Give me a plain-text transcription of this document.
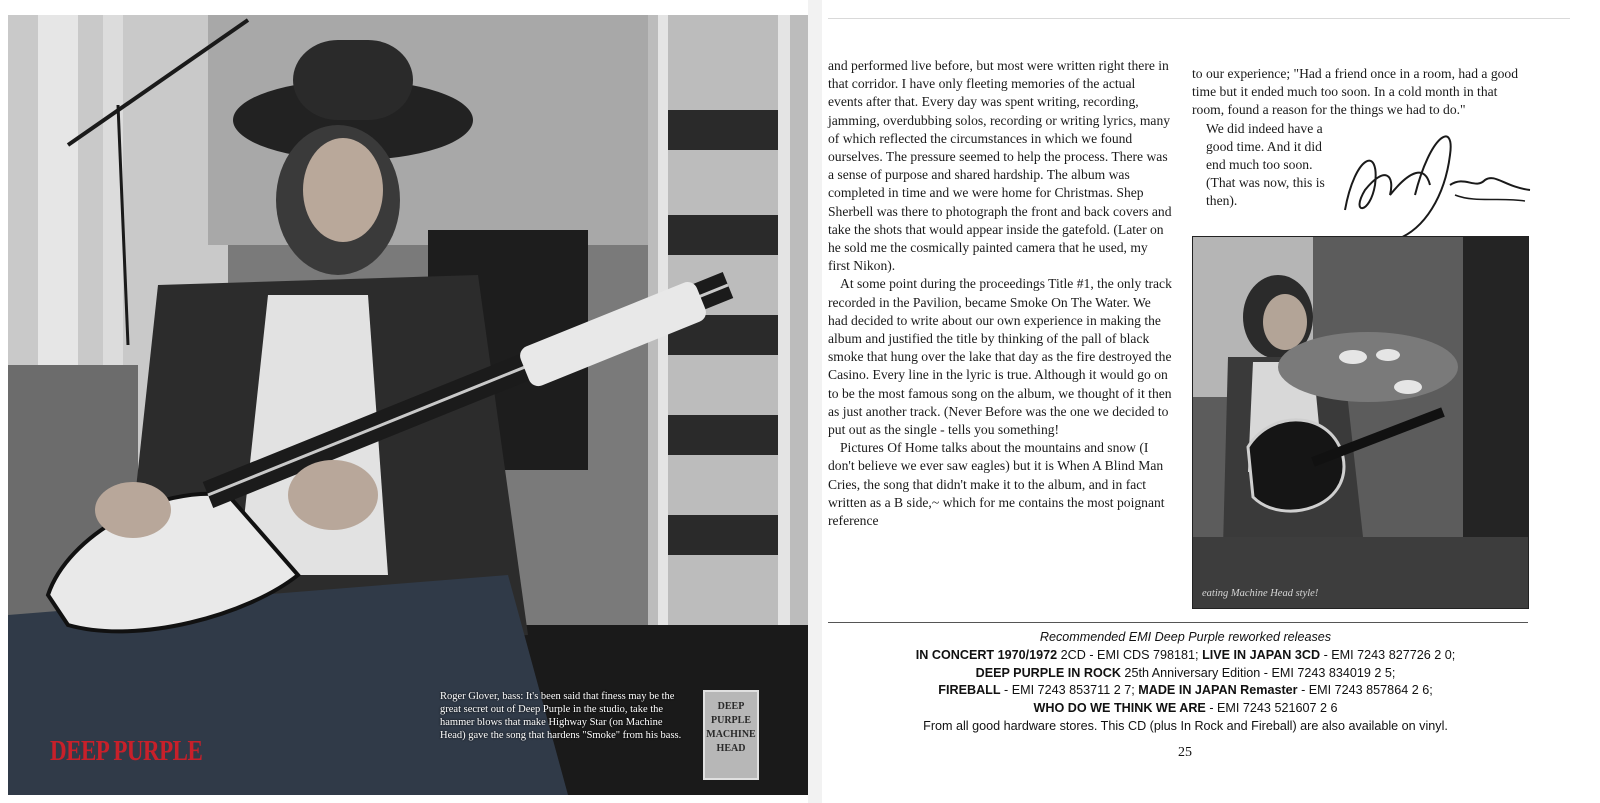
DEEP PURPLE
Roger Glover, bass: It's been said that finess may be the great secret out of Deep Purple in the studio, take the hammer blows that make Highway Star (on Machine Head) gave the song that hardens "Smoke" from his bass.
DEEP PURPLE MACHINE HEAD

and performed live before, but most were written right there in that corridor. I have only fleeting memories of the actual events after that. Every day was spent writing, recording, jamming, overdubbing solos, recording or writing lyrics, many of which reflected the circumstances in which we found ourselves. The pressure seemed to help the process. There was a sense of purpose and shared hardship. The album was completed in time and we were home for Christmas. Shep Sherbell was there to photograph the front and back covers and take the shots that would appear inside the gatefold. (Later on he sold me the cosmically painted camera that he used, my first Nikon).

At some point during the proceedings Title #1, the only track recorded in the Pavilion, became Smoke On The Water. We had decided to write about our own experience in making the album and justified the title by thinking of the pall of black smoke that hung over the lake that day as the fire destroyed the Casino. Every line in the lyric is true. Although it would go on to be the most famous song on the album, we thought of it then as just another track. (Never Before was the one we decided to put out as the single - tells you something!

Pictures Of Home talks about the mountains and snow (I don't believe we ever saw eagles) but it is When A Blind Man Cries, the song that didn't make it to the album, and in fact written as a B side,~ which for me contains the most poignant reference

to our experience; "Had a friend once in a room, had a good time but it ended much too soon. In a cold month in that room, found a reason for the things we had to do."

We did indeed have a good time. And it did end much too soon. (That was now, this is then).

eating Machine Head style!
Recommended EMI Deep Purple reworked releases
IN CONCERT 1970/1972 2CD - EMI CDS 798181; LIVE IN JAPAN 3CD - EMI 7243 827726 2 0;
DEEP PURPLE IN ROCK 25th Anniversary Edition - EMI 7243 834019 2 5;
FIREBALL - EMI 7243 853711 2 7; MADE IN JAPAN Remaster - EMI 7243 857864 2 6;
WHO DO WE THINK WE ARE - EMI 7243 521607 2 6
From all good hardware stores. This CD (plus In Rock and Fireball) are also available on vinyl.
25
